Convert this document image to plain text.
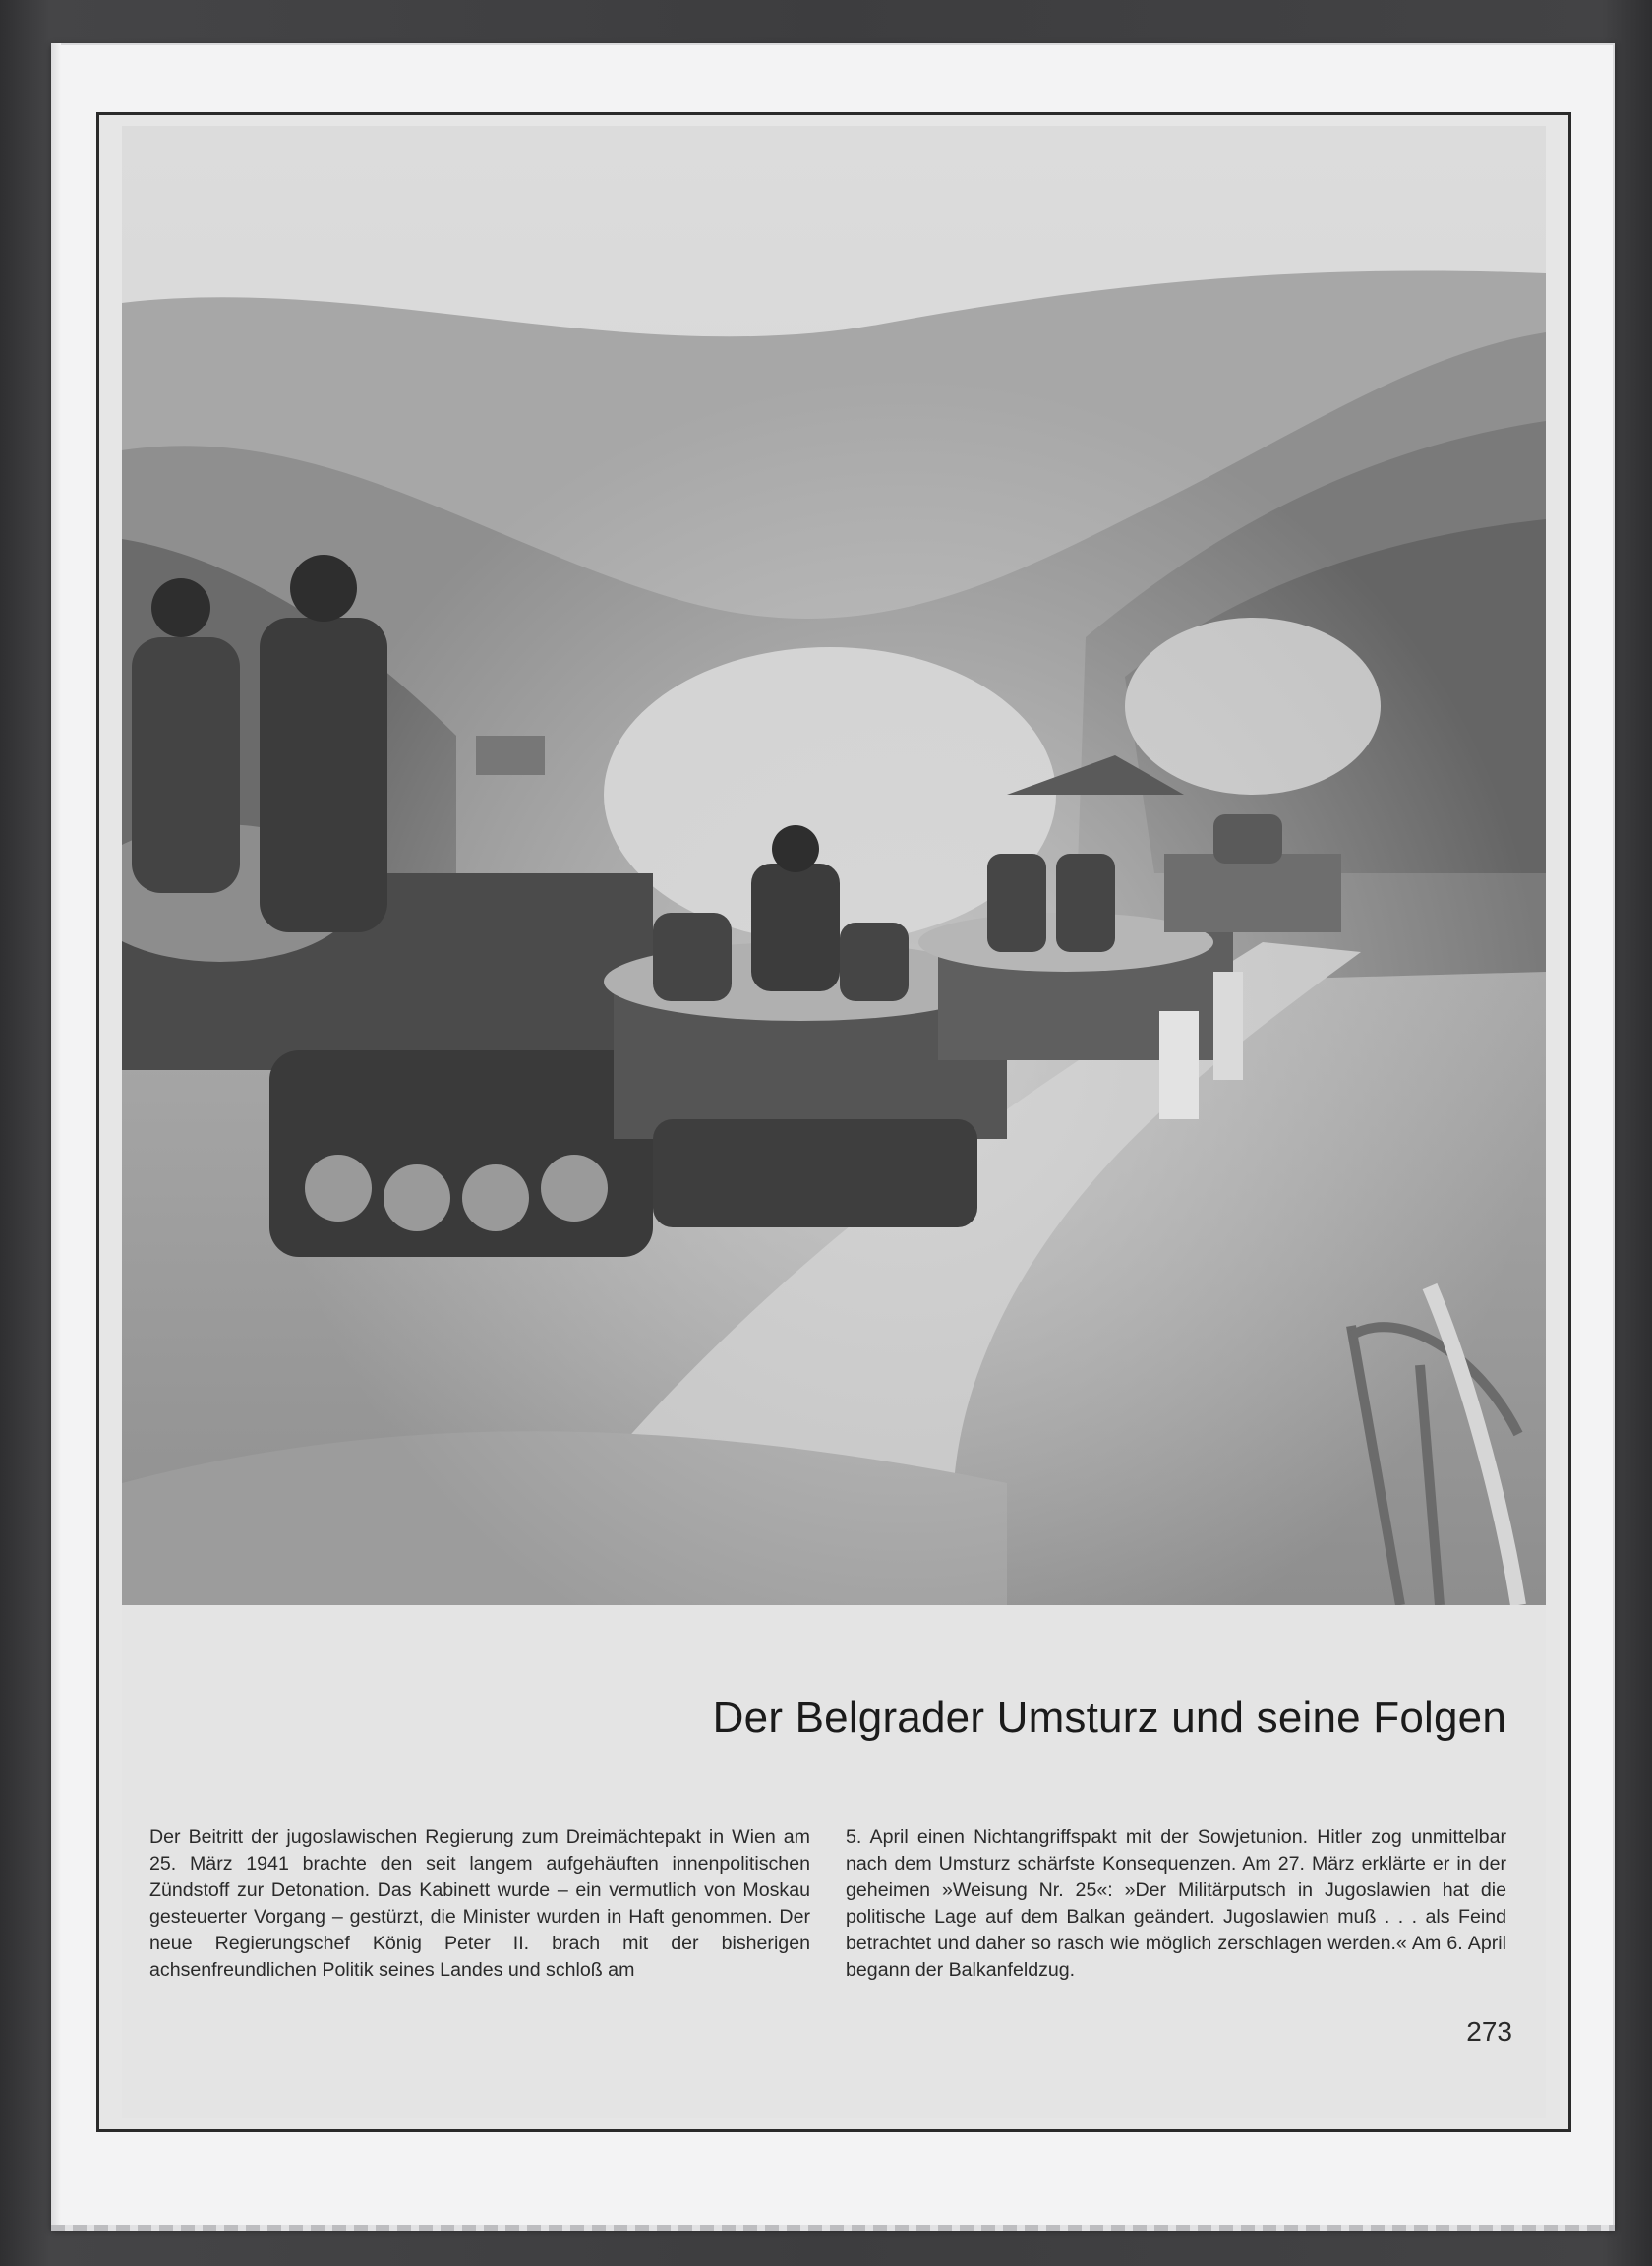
Der Belgrader Umsturz und seine Folgen

Der Beitritt der jugoslawischen Regierung zum Dreimächtepakt in Wien am 25. März 1941 brachte den seit langem aufgehäuften innenpolitischen Zündstoff zur Detonation. Das Kabinett wurde – ein vermutlich von Moskau gesteuerter Vorgang – gestürzt, die Minister wurden in Haft genommen. Der neue Regierungschef König Peter II. brach mit der bisherigen achsenfreundlichen Politik seines Landes und schloß am

5. April einen Nichtangriffspakt mit der Sowjetunion. Hitler zog unmittelbar nach dem Umsturz schärfste Konsequenzen. Am 27. März erklärte er in der geheimen »Weisung Nr. 25«: »Der Militärputsch in Jugoslawien hat die politische Lage auf dem Balkan geändert. Jugoslawien muß . . . als Feind betrachtet und daher so rasch wie möglich zerschlagen werden.« Am 6. April begann der Balkanfeldzug.

273
